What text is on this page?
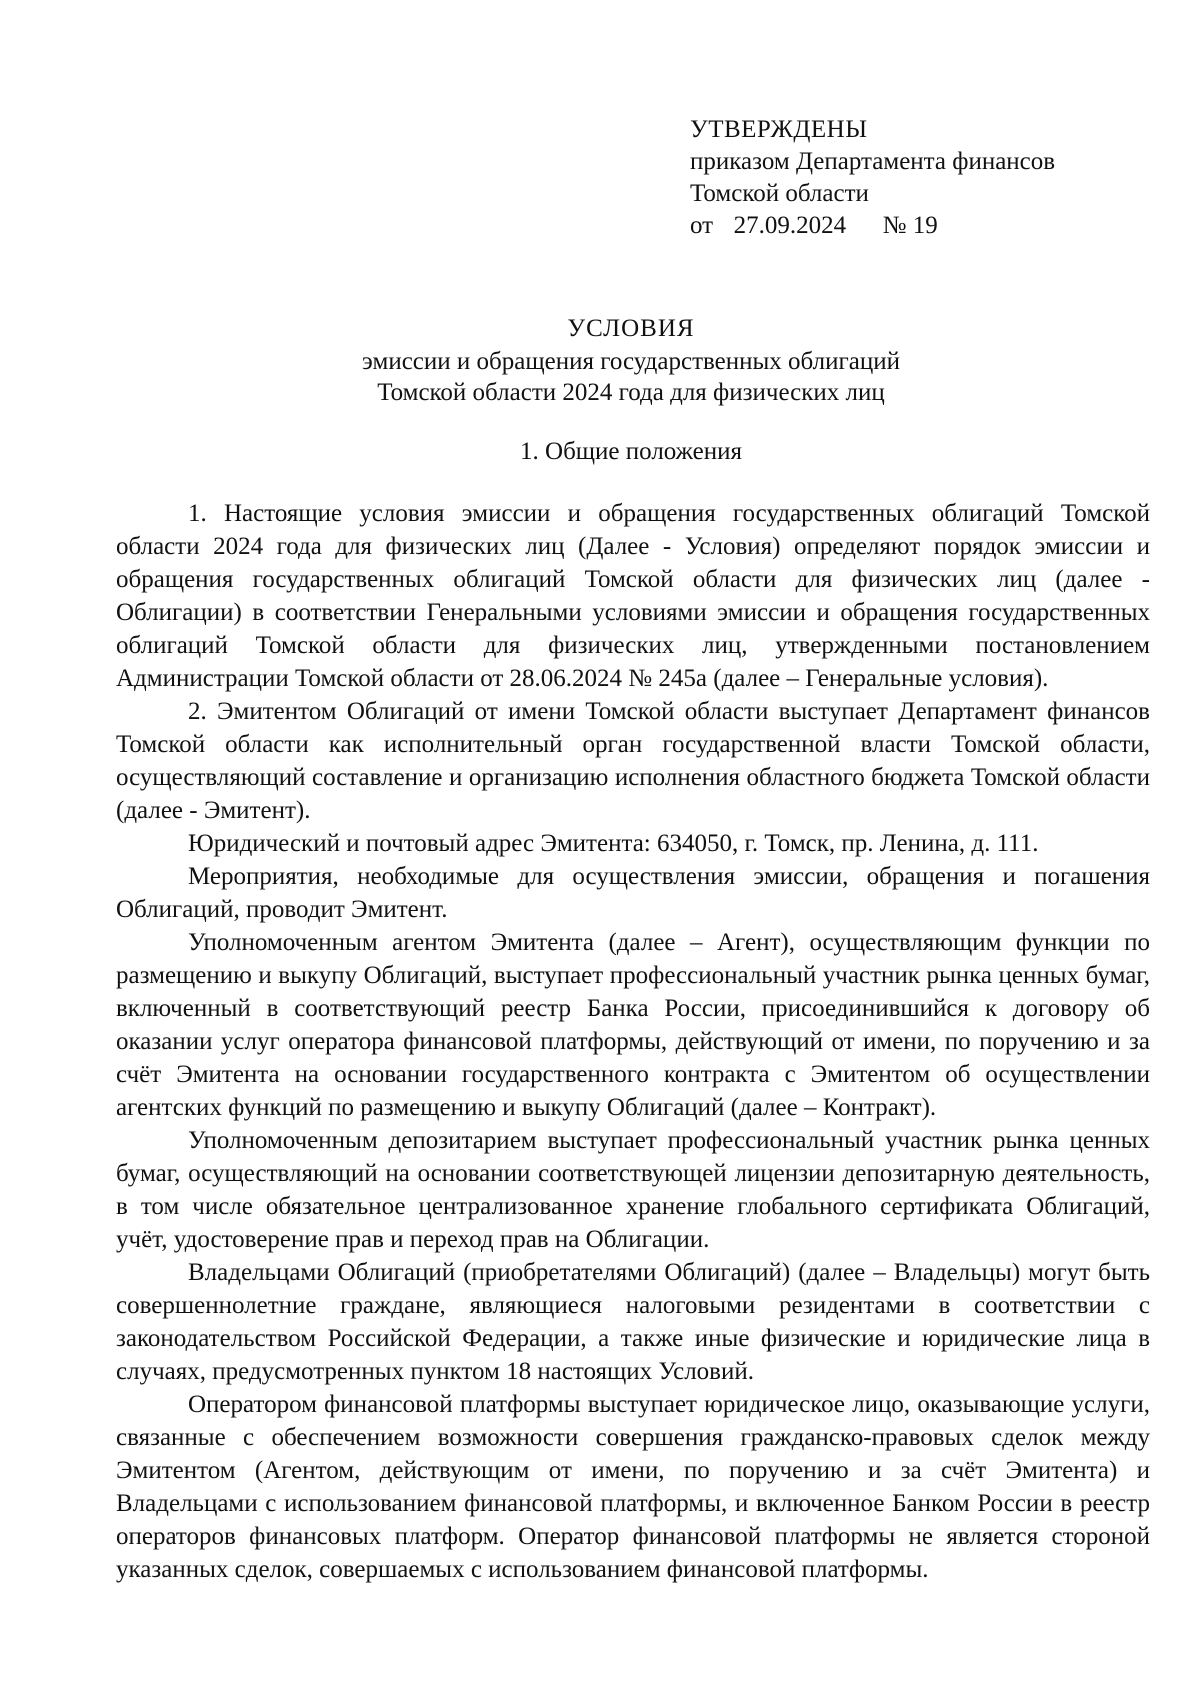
УТВЕРЖДЕНЫ
приказом Департамента финансов
Томской области
от 27.09.2024 № 19
УСЛОВИЯ
эмиссии и обращения государственных облигаций
Томской области 2024 года для физических лиц
1. Общие положения

1. Настоящие условия эмиссии и обращения государственных облигаций Томской области 2024 года для физических лиц (Далее - Условия) определяют порядок эмиссии и обращения государственных облигаций Томской области для физических лиц (далее - Облигации) в соответствии Генеральными условиями эмиссии и обращения государственных облигаций Томской области для физических лиц, утвержденными постановлением Администрации Томской области от 28.06.2024 № 245а (далее – Генеральные условия).

2. Эмитентом Облигаций от имени Томской области выступает Департамент финансов Томской области как исполнительный орган государственной власти Томской области, осуществляющий составление и организацию исполнения областного бюджета Томской области (далее - Эмитент).

Юридический и почтовый адрес Эмитента: 634050, г. Томск, пр. Ленина, д. 111.

Мероприятия, необходимые для осуществления эмиссии, обращения и погашения Облигаций, проводит Эмитент.

Уполномоченным агентом Эмитента (далее – Агент), осуществляющим функции по размещению и выкупу Облигаций, выступает профессиональный участник рынка ценных бумаг, включенный в соответствующий реестр Банка России, присоединившийся к договору об оказании услуг оператора финансовой платформы, действующий от имени, по поручению и за счёт Эмитента на основании государственного контракта с Эмитентом об осуществлении агентских функций по размещению и выкупу Облигаций (далее – Контракт).

Уполномоченным депозитарием выступает профессиональный участник рынка ценных бумаг, осуществляющий на основании соответствующей лицензии депозитарную деятельность, в том числе обязательное централизованное хранение глобального сертификата Облигаций, учёт, удостоверение прав и переход прав на Облигации.

Владельцами Облигаций (приобретателями Облигаций) (далее – Владельцы) могут быть совершеннолетние граждане, являющиеся налоговыми резидентами в соответствии с законодательством Российской Федерации, а также иные физические и юридические лица в случаях, предусмотренных пунктом 18 настоящих Условий.

Оператором финансовой платформы выступает юридическое лицо, оказывающие услуги, связанные с обеспечением возможности совершения гражданско-правовых сделок между Эмитентом (Агентом, действующим от имени, по поручению и за счёт Эмитента) и Владельцами с использованием финансовой платформы, и включенное Банком России в реестр операторов финансовых платформ. Оператор финансовой платформы не является стороной указанных сделок, совершаемых с использованием финансовой платформы.
